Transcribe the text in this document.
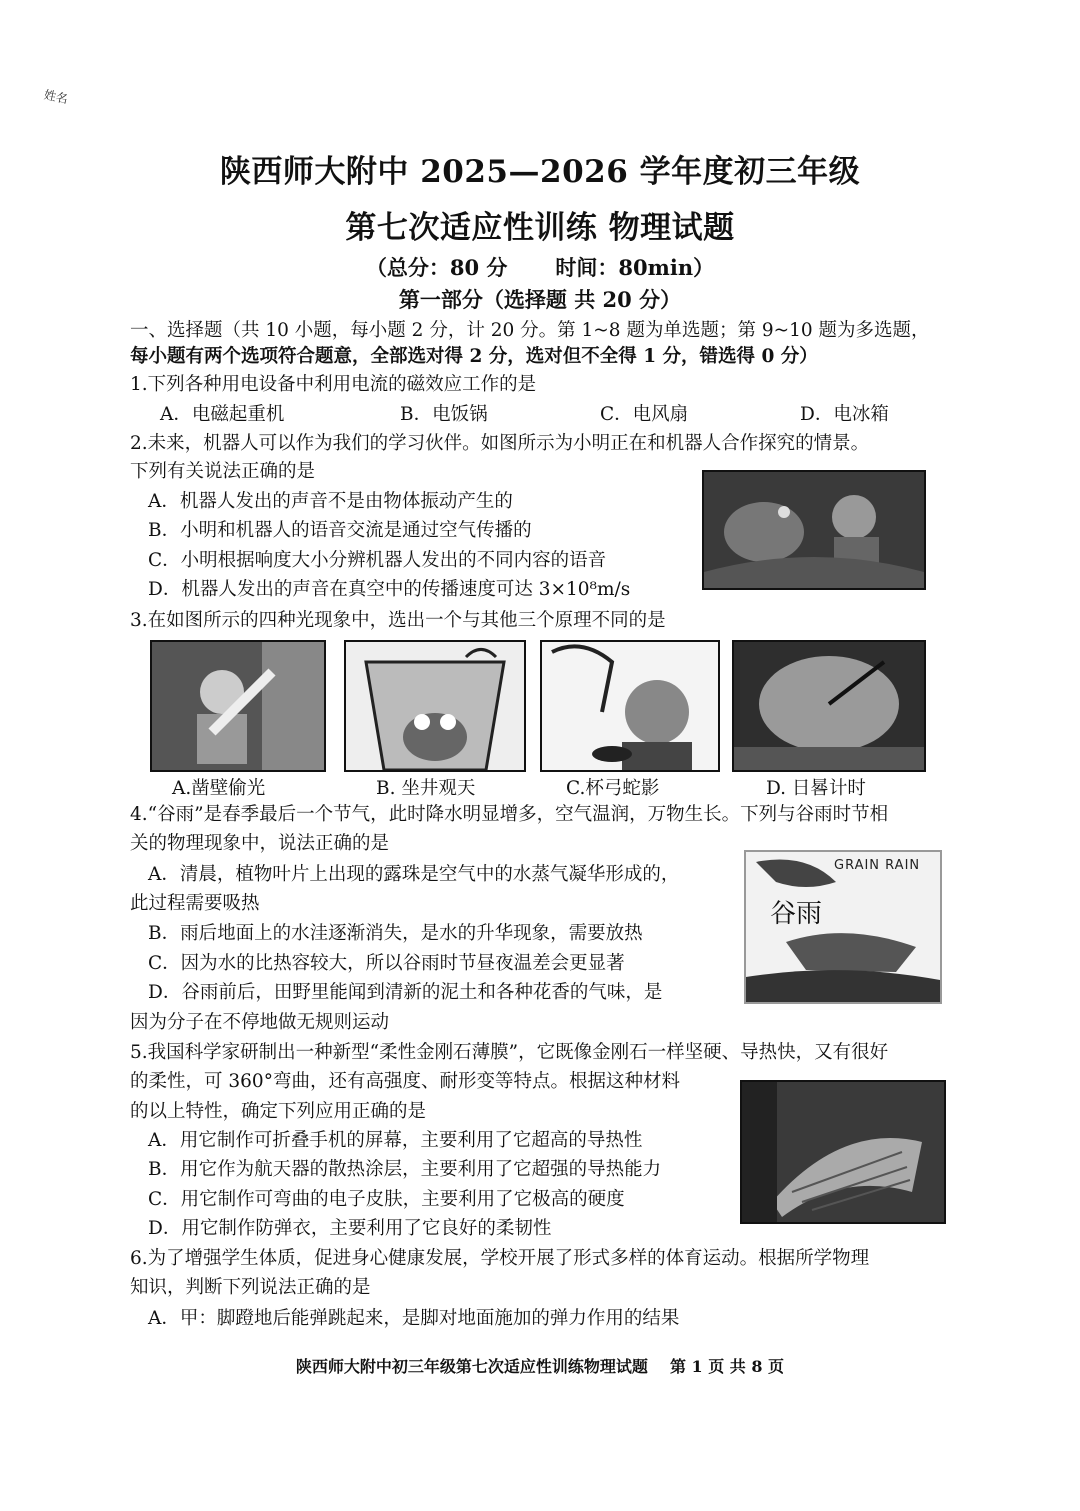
姓名
陕西师大附中 2025—2026 学年度初三年级
第七次适应性训练 物理试题
（总分：80 分 时间：80min）
第一部分（选择题 共 20 分）
一、选择题（共 10 小题，每小题 2 分，计 20 分。第 1~8 题为单选题；第 9~10 题为多选题，
每小题有两个选项符合题意，全部选对得 2 分，选对但不全得 1 分，错选得 0 分）
1.下列各种用电设备中利用电流的磁效应工作的是
A．电磁起重机	B．电饭锅	C．电风扇	D．电冰箱
2.未来，机器人可以作为我们的学习伙伴。如图所示为小明正在和机器人合作探究的情景。
下列有关说法正确的是
A．机器人发出的声音不是由物体振动产生的
B．小明和机器人的语音交流是通过空气传播的
C．小明根据响度大小分辨机器人发出的不同内容的语音
D．机器人发出的声音在真空中的传播速度可达 3×10⁸m/s
3.在如图所示的四种光现象中，选出一个与其他三个原理不同的是
A.凿壁偷光	B. 坐井观天	C.杯弓蛇影	D. 日晷计时
4.“谷雨”是春季最后一个节气，此时降水明显增多，空气温润，万物生长。下列与谷雨时节相
关的物理现象中，说法正确的是
A．清晨，植物叶片上出现的露珠是空气中的水蒸气凝华形成的，
此过程需要吸热
B．雨后地面上的水洼逐渐消失，是水的升华现象，需要放热
C．因为水的比热容较大，所以谷雨时节昼夜温差会更显著
D．谷雨前后，田野里能闻到清新的泥土和各种花香的气味，是
因为分子在不停地做无规则运动
谷雨
GRAIN RAIN
5.我国科学家研制出一种新型“柔性金刚石薄膜”，它既像金刚石一样坚硬、导热快，又有很好
的柔性，可 360°弯曲，还有高强度、耐形变等特点。根据这种材料
的以上特性，确定下列应用正确的是
A．用它制作可折叠手机的屏幕，主要利用了它超高的导热性
B．用它作为航天器的散热涂层，主要利用了它超强的导热能力
C．用它制作可弯曲的电子皮肤，主要利用了它极高的硬度
D．用它制作防弹衣，主要利用了它良好的柔韧性
6.为了增强学生体质，促进身心健康发展，学校开展了形式多样的体育运动。根据所学物理
知识，判断下列说法正确的是
A．甲：脚蹬地后能弹跳起来，是脚对地面施加的弹力作用的结果
陕西师大附中初三年级第七次适应性训练物理试题 第 1 页 共 8 页
